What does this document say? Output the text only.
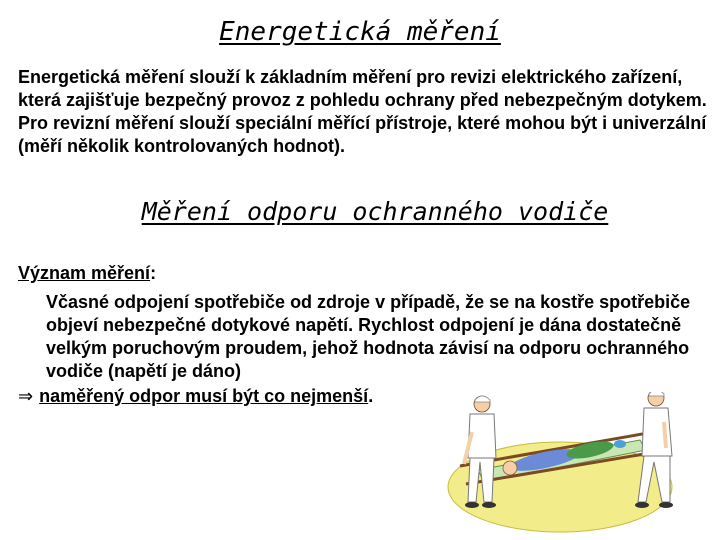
Energetická měření

Energetická měření slouží k základním měření pro revizi elektrického zařízení, která zajišťuje bezpečný provoz z pohledu ochrany před nebezpečným dotykem.

Pro revizní měření slouží speciální měřící přístroje, které mohou být i univerzální (měří několik kontrolovaných hodnot).

Měření odporu ochranného vodiče

Význam měření:

Včasné odpojení spotřebiče od zdroje v případě, že se na kostře spotřebiče objeví nebezpečné dotykové napětí. Rychlost odpojení je dána dostatečně velkým poruchovým proudem, jehož hodnota závisí na odporu ochranného vodiče (napětí je dáno)

⇒ naměřený odpor musí být co nejmenší.
